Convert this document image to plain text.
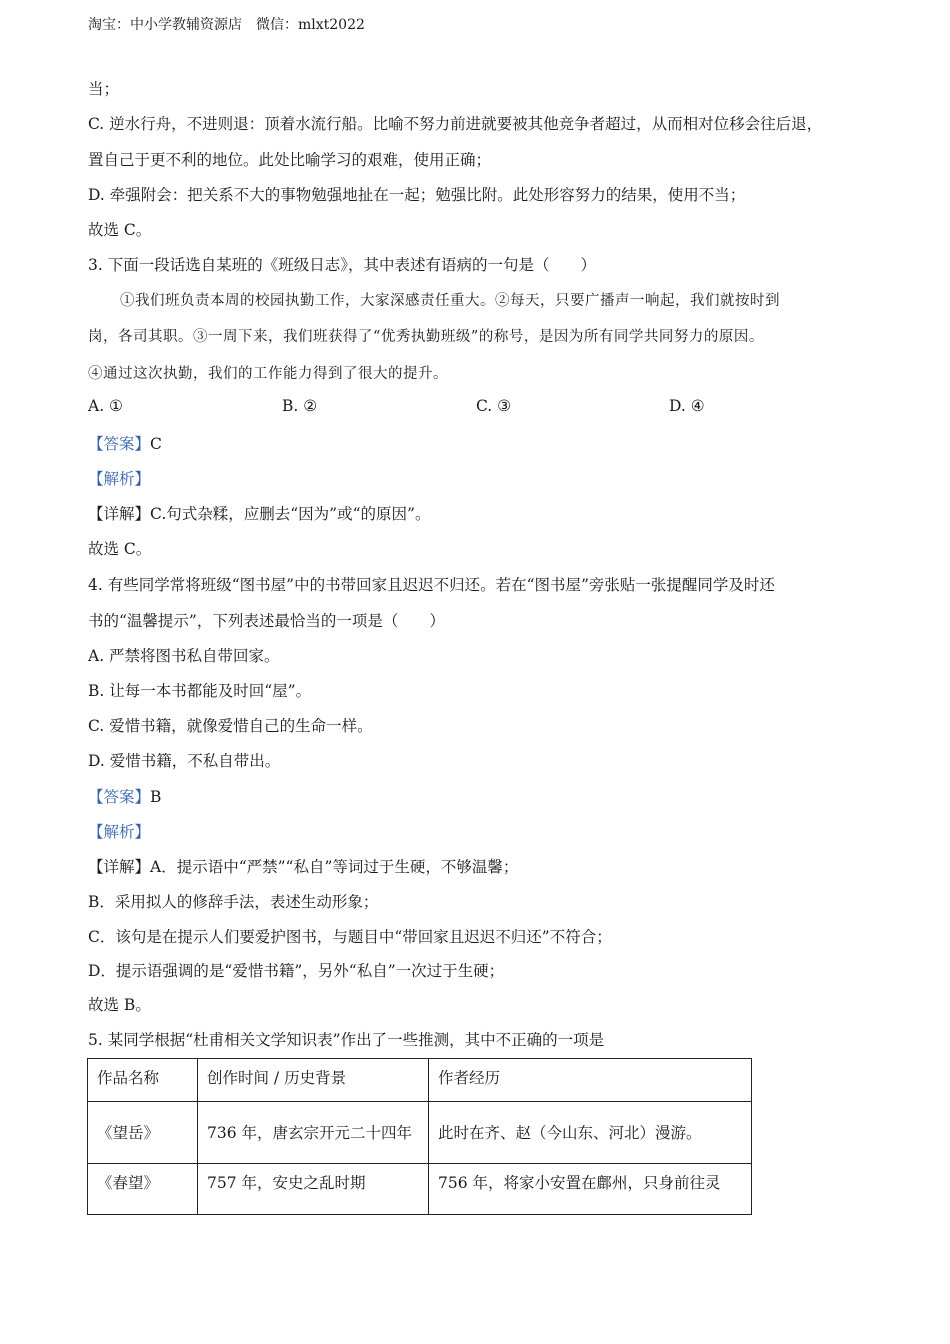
淘宝：中小学教辅资源店　微信：mlxt2022
当；
C. 逆水行舟，不进则退：顶着水流行船。比喻不努力前进就要被其他竞争者超过，从而相对位移会往后退，
置自己于更不利的地位。此处比喻学习的艰难，使用正确；
D. 牵强附会：把关系不大的事物勉强地扯在一起；勉强比附。此处形容努力的结果，使用不当；
故选 C。
3. 下面一段话选自某班的《班级日志》，其中表述有语病的一句是（　　）
①我们班负责本周的校园执勤工作，大家深感责任重大。②每天，只要广播声一响起，我们就按时到
岗，各司其职。③一周下来，我们班获得了“优秀执勤班级”的称号，是因为所有同学共同努力的原因。
④通过这次执勤，我们的工作能力得到了很大的提升。
A. ①	B. ②	C. ③	D. ④
【答案】C
【解析】
【详解】C.句式杂糅，应删去“因为”或“的原因”。
故选 C。
4. 有些同学常将班级“图书屋”中的书带回家且迟迟不归还。若在“图书屋”旁张贴一张提醒同学及时还
书的“温馨提示”，下列表述最恰当的一项是（　　）
A. 严禁将图书私自带回家。
B. 让每一本书都能及时回“屋”。
C. 爱惜书籍，就像爱惜自己的生命一样。
D. 爱惜书籍，不私自带出。
【答案】B
【解析】
【详解】A．提示语中“严禁”“私自”等词过于生硬，不够温馨；
B．采用拟人的修辞手法，表述生动形象；
C．该句是在提示人们要爱护图书，与题目中“带回家且迟迟不归还”不符合；
D．提示语强调的是“爱惜书籍”，另外“私自”一次过于生硬；
故选 B。
5. 某同学根据“杜甫相关文学知识表”作出了一些推测，其中不正确的一项是
作品名称	创作时间 / 历史背景	作者经历
《望岳》	736 年，唐玄宗开元二十四年	此时在齐、赵（今山东、河北）漫游。
《春望》	757 年，安史之乱时期	756 年，将家小安置在鄜州，只身前往灵
